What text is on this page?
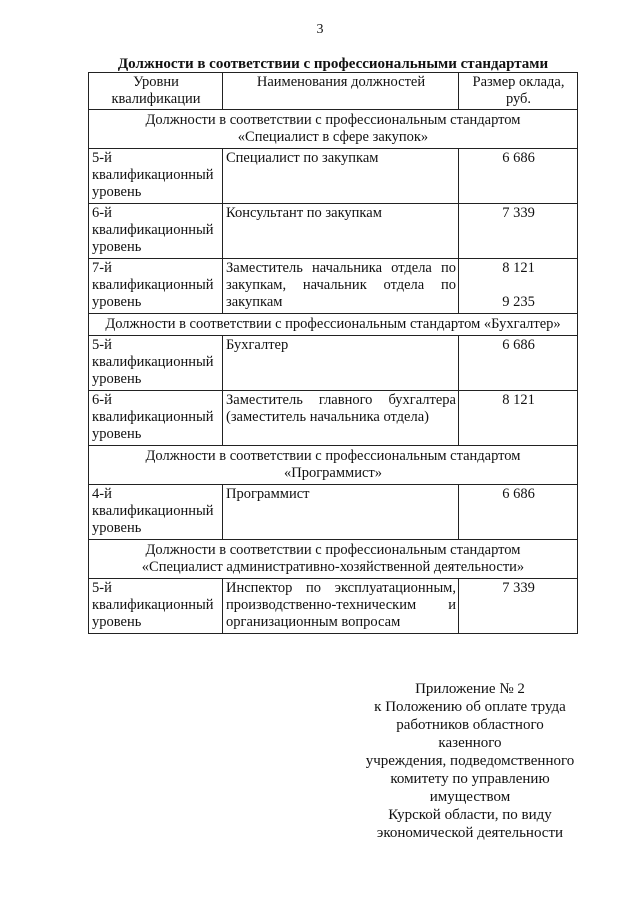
3
Должности в соответствии с профессиональными стандартами
Уровни квалификации	Наименования должностей	Размер оклада, руб.

Должности в соответствии с профессиональным стандартом
«Специалист в сфере закупок»		

5-й квалификационный уровень	Специалист по закупкам	6 686

6-й квалификационный уровень	Консультант по закупкам	7 339

7-й квалификационный уровень	Заместитель начальника отдела по закупкам, начальник отдела по закупкам	8 121
9 235

Должности в соответствии с профессиональным стандартом «Бухгалтер»		

5-й квалификационный уровень	Бухгалтер	6 686

6-й квалификационный уровень	Заместитель главного бухгалтера (заместитель начальника отдела)	8 121

Должности в соответствии с профессиональным стандартом
«Программист»		

4-й квалификационный уровень	Программист	6 686

Должности в соответствии с профессиональным стандартом
«Специалист административно-хозяйственной деятельности»		

5-й квалификационный уровень	Инспектор по эксплуатационным, производственно-техническим и организационным вопросам	7 339
Приложение № 2
к Положению об оплате труда
работников областного
казенного
учреждения, подведомственного
комитету по управлению
имуществом
Курской области, по виду
экономической деятельности
